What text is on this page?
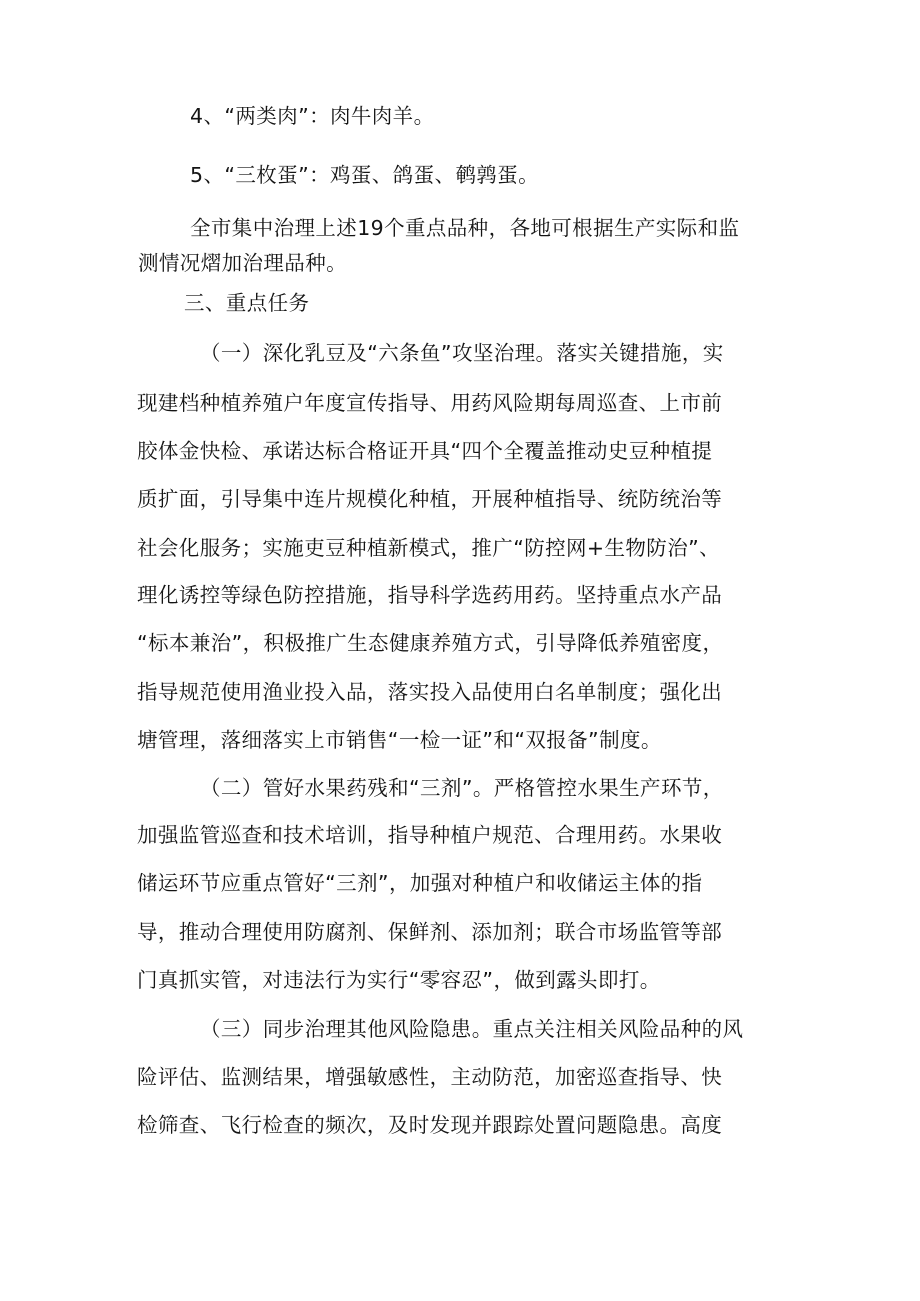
4、“两类肉”：肉牛肉羊。
5、“三枚蛋”：鸡蛋、鸽蛋、鹌鹑蛋。
全市集中治理上述19个重点品种，各地可根据生产实际和监
测情况熠加治理品种。
三、重点任务
（一）深化乳豆及“六条鱼”攻坚治理。落实关键措施，实
现建档种植养殖户年度宣传指导、用药风险期每周巡查、上市前
胶体金快检、承诺达标合格证开具“四个全覆盖推动史豆种植提
质扩面，引导集中连片规模化种植，开展种植指导、统防统治等
社会化服务；实施吏豆种植新模式，推广“防控网+生物防治”、
理化诱控等绿色防控措施，指导科学选药用药。坚持重点水产品
“标本兼治”，积极推广生态健康养殖方式，引导降低养殖密度，
指导规范使用渔业投入品，落实投入品使用白名单制度；强化出
塘管理，落细落实上市销售“一检一证”和“双报备”制度。
（二）管好水果药残和“三剂”。严格管控水果生产环节，
加强监管巡查和技术培训，指导种植户规范、合理用药。水果收
储运环节应重点管好“三剂”，加强对种植户和收储运主体的指
导，推动合理使用防腐剂、保鲜剂、添加剂；联合市场监管等部
门真抓实管，对违法行为实行“零容忍”，做到露头即打。
（三）同步治理其他风险隐患。重点关注相关风险品种的风
险评估、监测结果，增强敏感性，主动防范，加密巡查指导、快
检筛查、飞行检查的频次，及时发现并跟踪处置问题隐患。高度
